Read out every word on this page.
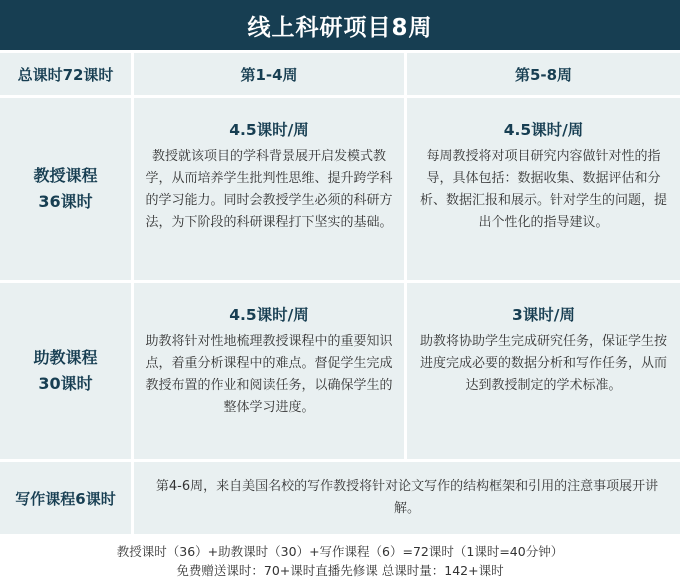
线上科研项目8周
总课时72课时	第1-4周	第5-8周
教授课程
36课时
4.5课时/周
教授就该项目的学科背景展开启发模式教学，从而培养学生批判性思维、提升跨学科的学习能力。同时会教授学生必须的科研方法，为下阶段的科研课程打下坚实的基础。
4.5课时/周
每周教授将对项目研究内容做针对性的指导，具体包括：数据收集、数据评估和分析、数据汇报和展示。针对学生的问题，提出个性化的指导建议。
助教课程
30课时
4.5课时/周
助教将针对性地梳理教授课程中的重要知识点，着重分析课程中的难点。督促学生完成教授布置的作业和阅读任务，以确保学生的整体学习进度。
3课时/周
助教将协助学生完成研究任务，保证学生按进度完成必要的数据分析和写作任务，从而达到教授制定的学术标准。
写作课程6课时
第4-6周，来自美国名校的写作教授将针对论文写作的结构框架和引用的注意事项展开讲解。
教授课时（36）+助教课时（30）+写作课程（6）=72课时（1课时=40分钟）
免费赠送课时：70+课时直播先修课 总课时量：142+课时
